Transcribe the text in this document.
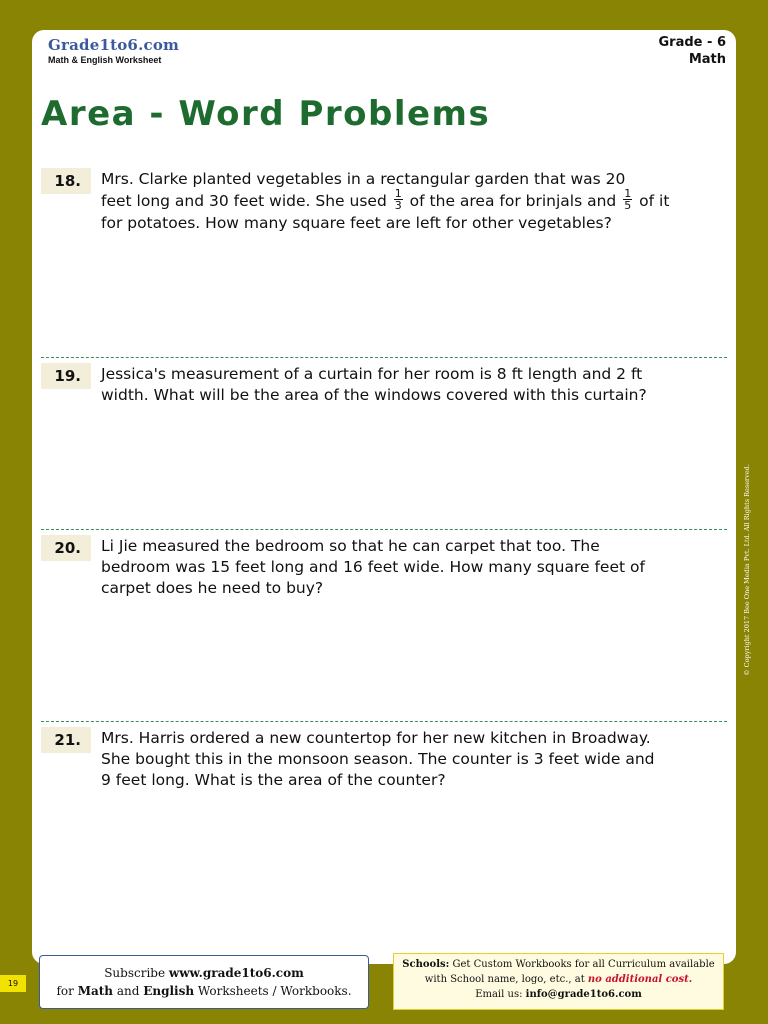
Grade1to6.com
Math & English Worksheet
Grade - 6
Math
Area - Word Problems
18.	Mrs. Clarke planted vegetables in a rectangular garden that was 20
feet long and 30 feet wide. She used $\frac{1}{3}$ of the area for brinjals and $\frac{1}{5}$ of it
for potatoes. How many square feet are left for other vegetables?
19.	Jessica's measurement of a curtain for her room is 8 ft length and 2 ft
width. What will be the area of the windows covered with this curtain?
20.	Li Jie measured the bedroom so that he can carpet that too. The
bedroom was 15 feet long and 16 feet wide. How many square feet of
carpet does he need to buy?
21.	Mrs. Harris ordered a new countertop for her new kitchen in Broadway.
She bought this in the monsoon season. The counter is 3 feet wide and
9 feet long. What is the area of the counter?
© Copyright 2017 Bee One Media Pvt. Ltd. All Rights Reserved.
19
Subscribe www.grade1to6.com
for Math and English Worksheets / Workbooks.
Schools: Get Custom Workbooks for all Curriculum available
with School name, logo, etc., at no additional cost.
Email us: info@grade1to6.com
